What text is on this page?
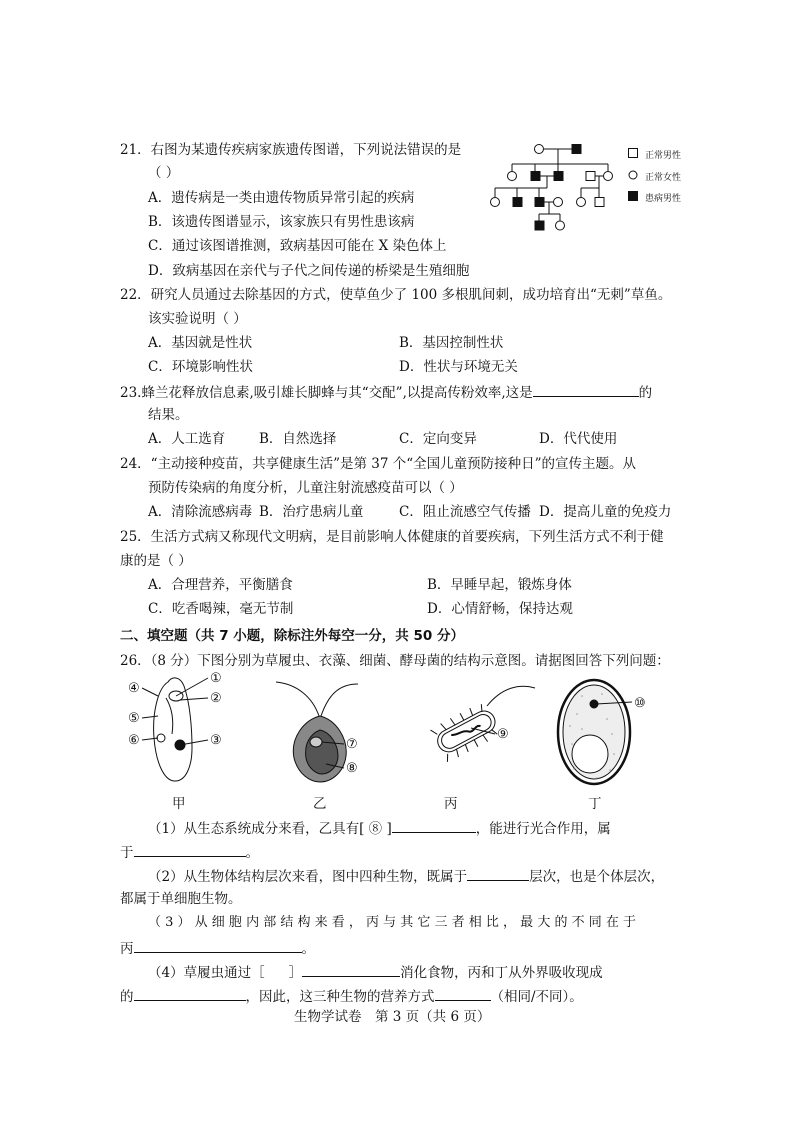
21．右图为某遗传疾病家族遗传图谱，下列说法错误的是
（ ）
A．遗传病是一类由遗传物质异常引起的疾病
B．该遗传图谱显示，该家族只有男性患该病
C．通过该图谱推测，致病基因可能在 X 染色体上
D．致病基因在亲代与子代之间传递的桥梁是生殖细胞
正常男性
正常女性
患病男性
22．研究人员通过去除基因的方式，使草鱼少了 100 多根肌间刺，成功培育出“无刺”草鱼。
该实验说明（ ）
A．基因就是性状	B．基因控制性状
C．环境影响性状	D．性状与环境无关
23.蜂兰花释放信息素,吸引雄长脚蜂与其“交配”,以提高传粉效率,这是	的
结果。
A．人工选育	B．自然选择	C．定向变异	D．代代使用
24．“主动接种疫苗，共享健康生活”是第 37 个“全国儿童预防接种日”的宣传主题。从
预防传染病的角度分析，儿童注射流感疫苗可以（ ）
A．清除流感病毒 B．治疗患病儿童	C．阻止流感空气传播 D．提高儿童的免疫力
25．生活方式病又称现代文明病，是目前影响人体健康的首要疾病，下列生活方式不利于健
康的是（ ）
A．合理营养，平衡膳食	B．早睡早起，锻炼身体
C．吃香喝辣，毫无节制	D．心情舒畅，保持达观
二、填空题（共 7 小题，除标注外每空一分，共 50 分）
26．（8 分）下图分别为草履虫、衣藻、细菌、酵母菌的结构示意图。请据图回答下列问题：
①
②
③
④
⑤
⑥	⑦
⑧
⑨
⑩
甲	乙	丙	丁
（1）从生态系统成分来看，乙具有[ ⑧ ]	，能进行光合作用，属
于	。
（2）从生物体结构层次来看，图中四种生物，既属于	层次，也是个体层次，
都属于单细胞生物。
（ 3 ） 从 细 胞 内 部 结 构 来 看 ， 丙 与 其 它 三 者 相 比 ， 最 大 的 不 同 在 于
丙	。
（4）草履虫通过［ ］	消化食物，丙和丁从外界吸收现成
的	，因此，这三种生物的营养方式	（相同/不同）。
生物学试卷　第 3 页（共 6 页）
